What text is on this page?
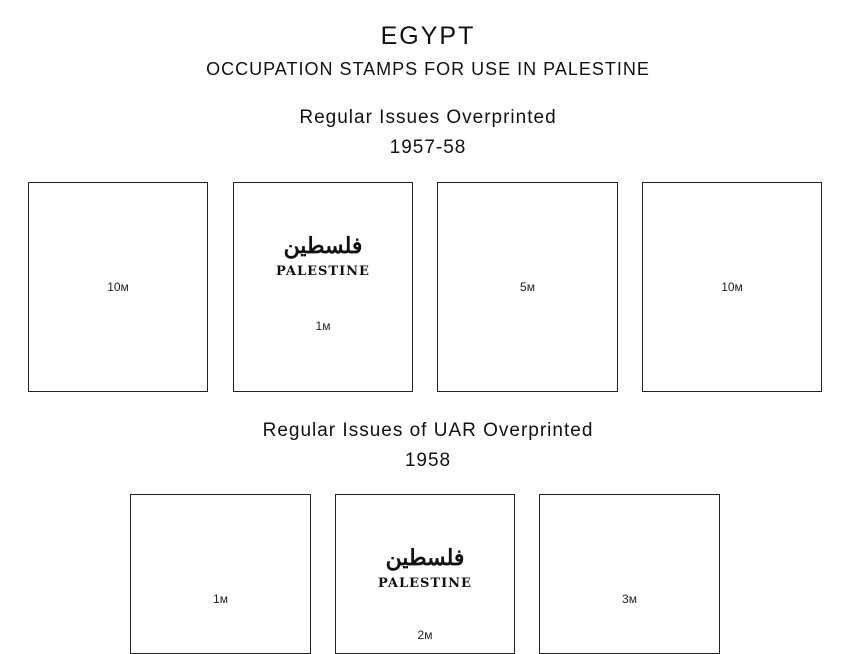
EGYPT
OCCUPATION STAMPS FOR USE IN PALESTINE
Regular Issues Overprinted
1957-58
10м
فلسطين
PALESTINE
1м
5м	10м
Regular Issues of UAR Overprinted
1958
1м
فلسطين
PALESTINE
2м
3м
